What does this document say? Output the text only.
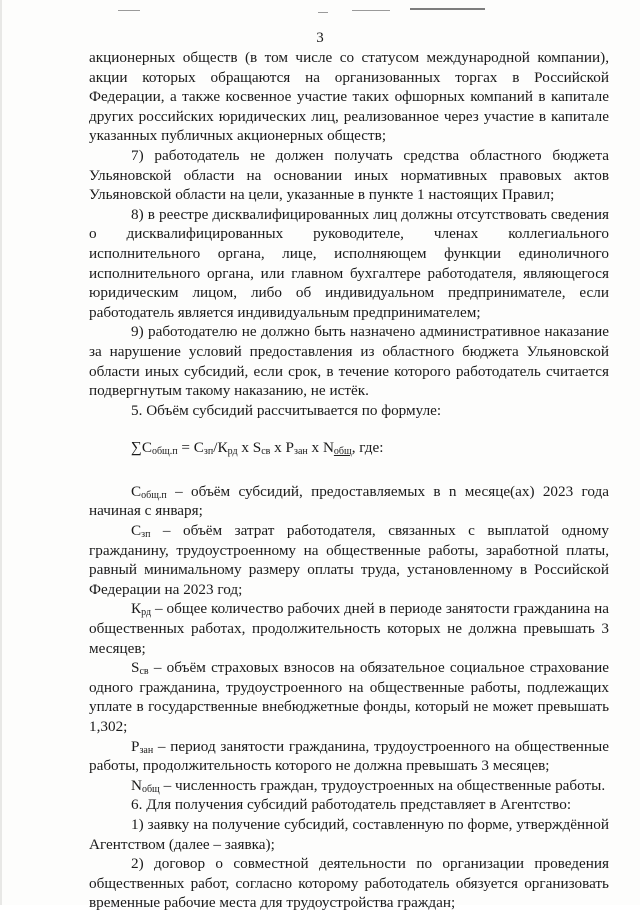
3

акционерных обществ (в том числе со статусом международной компании), акции которых обращаются на организованных торгах в Российской Федерации, а также косвенное участие таких офшорных компаний в капитале других российских юридических лиц, реализованное через участие в капитале указанных публичных акционерных обществ;

7) работодатель не должен получать средства областного бюджета Ульяновской области на основании иных нормативных правовых актов Ульяновской области на цели, указанные в пункте 1 настоящих Правил;

8) в реестре дисквалифицированных лиц должны отсутствовать сведения о дисквалифицированных руководителе, членах коллегиального исполнительного органа, лице, исполняющем функции единоличного исполнительного органа, или главном бухгалтере работодателя, являющегося юридическим лицом, либо об индивидуальном предпринимателе, если работодатель является индивидуальным предпринимателем;

9) работодателю не должно быть назначено административное наказание за нарушение условий предоставления из областного бюджета Ульяновской области иных субсидий, если срок, в течение которого работодатель считается подвергнутым такому наказанию, не истёк.

5. Объём субсидий рассчитывается по формуле:

$\sum C_{общ.п} = C_{зп}/К_{рд}$ x $S_{св}$ x $P_{зан}$ x $N_{общ}$, где:

$С_{общ.п}$ – объём субсидий, предоставляемых в n месяце(ах) 2023 года начиная с января;

$С_{зп}$ – объём затрат работодателя, связанных с выплатой одному гражданину, трудоустроенному на общественные работы, заработной платы, равный минимальному размеру оплаты труда, установленному в Российской Федерации на 2023 год;

$К_{рд}$ – общее количество рабочих дней в периоде занятости гражданина на общественных работах, продолжительность которых не должна превышать 3 месяцев;

$S_{св}$ – объём страховых взносов на обязательное социальное страхование одного гражданина, трудоустроенного на общественные работы, подлежащих уплате в государственные внебюджетные фонды, который не может превышать 1,302;

$Р_{зан}$ – период занятости гражданина, трудоустроенного на общественные работы, продолжительность которого не должна превышать 3 месяцев;

$N_{общ}$ – численность граждан, трудоустроенных на общественные работы.

6. Для получения субсидий работодатель представляет в Агентство:

1) заявку на получение субсидий, составленную по форме, утверждённой Агентством (далее – заявка);

2) договор о совместной деятельности по организации проведения общественных работ, согласно которому работодатель обязуется организовать временные рабочие места для трудоустройства граждан;
